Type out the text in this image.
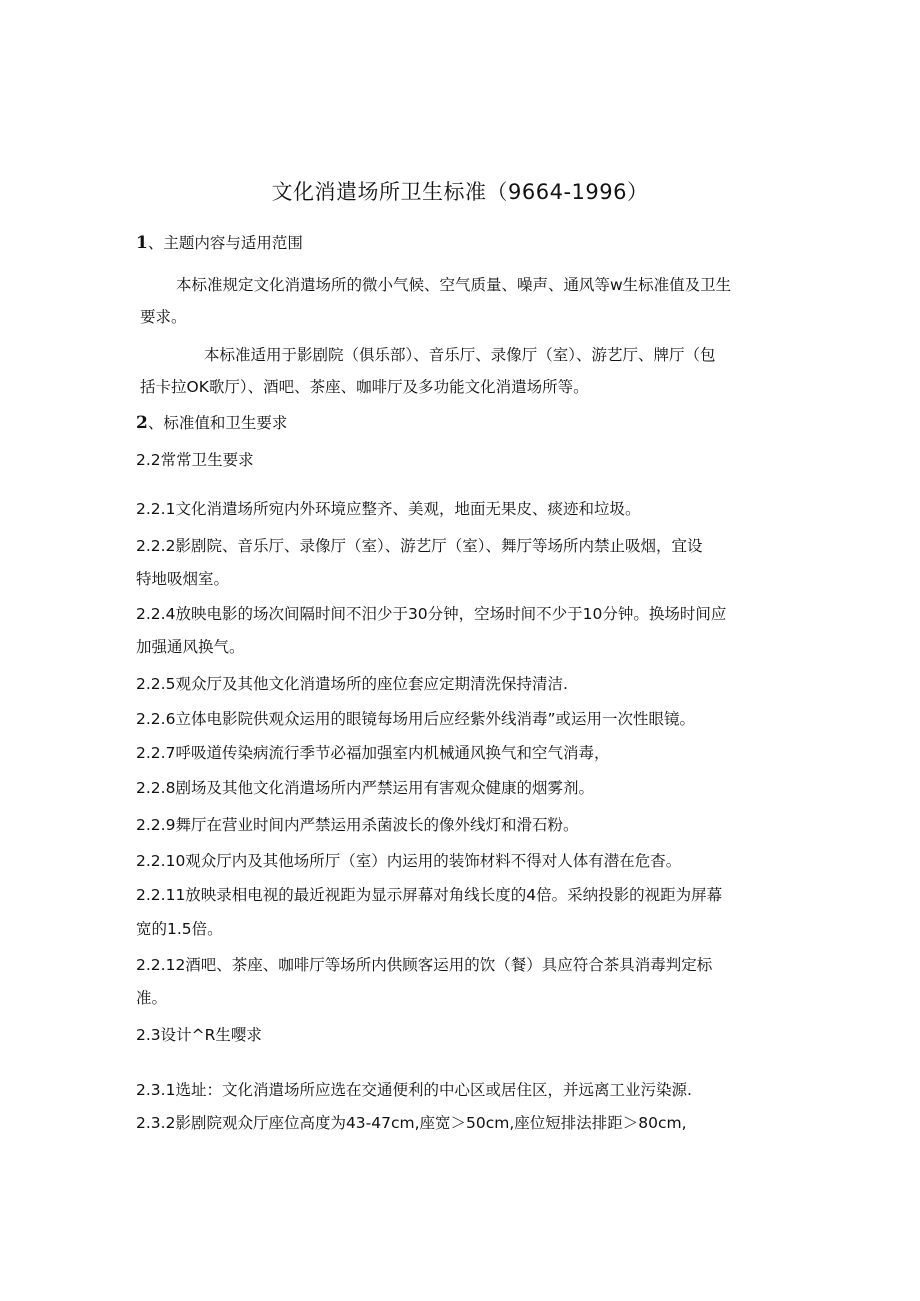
文化消遣场所卫生标准（9664-1996）
1、主题内容与适用范围
本标准规定文化消遣场所的微小气候、空气质量、噪声、通风等w生标准值及卫生
要求。
本标准适用于影剧院（俱乐部）、音乐厅、录像厅（室）、游艺厅、牌厅（包
括卡拉OK歌厅）、酒吧、茶座、咖啡厅及多功能文化消遣场所等。
2、标准值和卫生要求
2.2常常卫生要求
2.2.1文化消遣场所宛内外环境应整齐、美观，地面无果皮、痰迹和垃圾。
2.2.2影剧院、音乐厅、录像厅（室）、游艺厅（室）、舞厅等场所内禁止吸烟，宜设
特地吸烟室。
2.2.4放映电影的场次间隔时间不汨少于30分钟，空场时间不少于10分钟。换场时间应
加强通风换气。
2.2.5观众厅及其他文化消遣场所的座位套应定期清洗保持清洁.
2.2.6立体电影院供观众运用的眼镜每场用后应经紫外线消毒”或运用一次性眼镜。
2.2.7呼吸道传染病流行季节必福加强室内机械通风换气和空气消毒，
2.2.8剧场及其他文化消遣场所内严禁运用有害观众健康的烟雾剂。
2.2.9舞厅在营业时间内严禁运用杀菌波长的像外线灯和滑石粉。
2.2.10观众厅内及其他场所厅（室）内运用的装饰材料不得对人体有潜在危杳。
2.2.11放映录相电视的最近视距为显示屏幕对角线长度的4倍。采纳投影的视距为屏幕
宽的1.5倍。
2.2.12酒吧、茶座、咖啡厅等场所内供顾客运用的饮（餐）具应符合茶具消毒判定标
准。
2.3设计^R生嘤求
2.3.1选址：文化消遣场所应选在交通便利的中心区或居住区，并远离工业污染源.
2.3.2影剧院观众厅座位高度为43-47cm,座宽＞50cm,座位短排法排距＞80cm,
